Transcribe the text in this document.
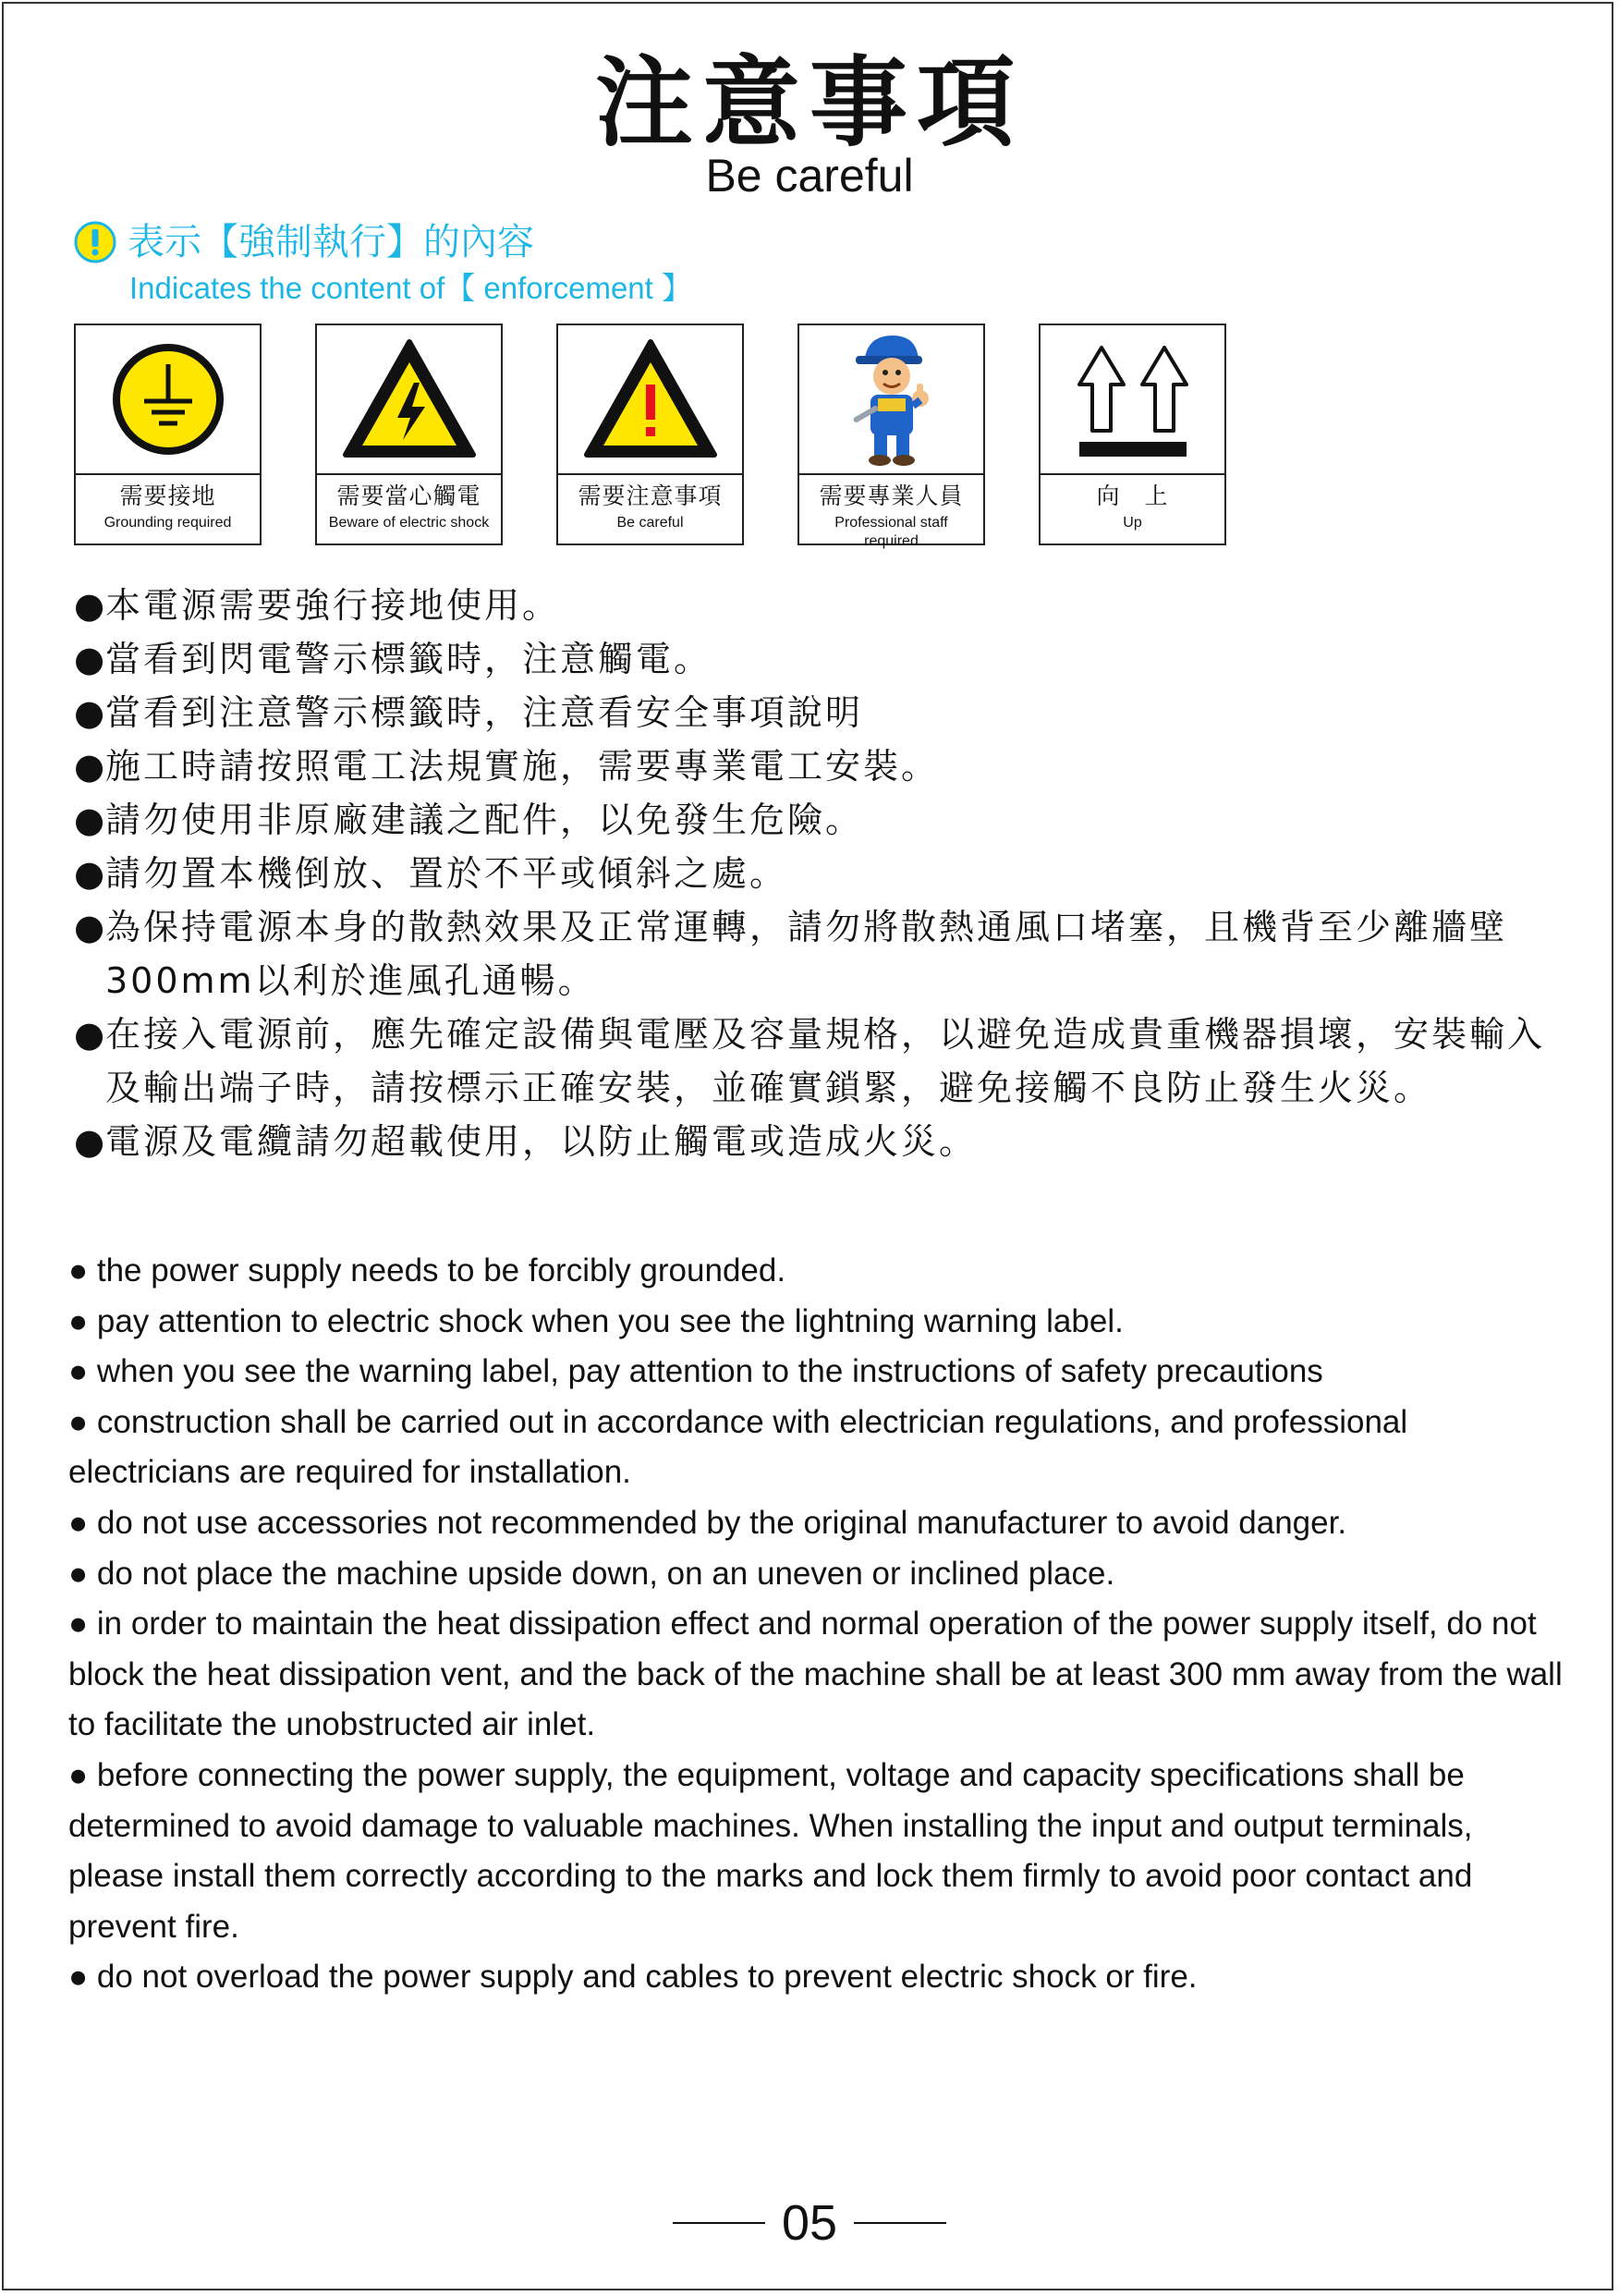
注意事項
Be careful
表示【強制執行】的內容
Indicates the content of【 enforcement 】
需要接地
Grounding required
需要當心觸電
Beware of electric shock
需要注意事項
Be careful
需要專業人員
Professional staff required
向　上
Up
●
本電源需要強行接地使用。
●
當看到閃電警示標籤時，注意觸電。
●
當看到注意警示標籤時，注意看安全事項說明
●
施工時請按照電工法規實施，需要專業電工安裝。
●
請勿使用非原廠建議之配件，以免發生危險。
●
請勿置本機倒放、置於不平或傾斜之處。
●
為保持電源本身的散熱效果及正常運轉，請勿將散熱通風口堵塞，且機背至少離牆壁300mm以利於進風孔通暢。
●
在接入電源前，應先確定設備與電壓及容量規格，以避免造成貴重機器損壞，安裝輸入及輸出端子時，請按標示正確安裝，並確實鎖緊，避免接觸不良防止發生火災。
●
電源及電纜請勿超載使用，以防止觸電或造成火災。

● the power supply needs to be forcibly grounded.

● pay attention to electric shock when you see the lightning warning label.

● when you see the warning label, pay attention to the instructions of safety precautions

● construction shall be carried out in accordance with electrician regulations, and professional electricians are required for installation.

● do not use accessories not recommended by the original manufacturer to avoid danger.

● do not place the machine upside down, on an uneven or inclined place.

● in order to maintain the heat dissipation effect and normal operation of the power supply itself, do not block the heat dissipation vent, and the back of the machine shall be at least 300 mm away from the wall to facilitate the unobstructed air inlet.

● before connecting the power supply, the equipment, voltage and capacity specifications shall be determined to avoid damage to valuable machines. When installing the input and output terminals, please install them correctly according to the marks and lock them firmly to avoid poor contact and prevent fire.

● do not overload the power supply and cables to prevent electric shock or fire.

05
